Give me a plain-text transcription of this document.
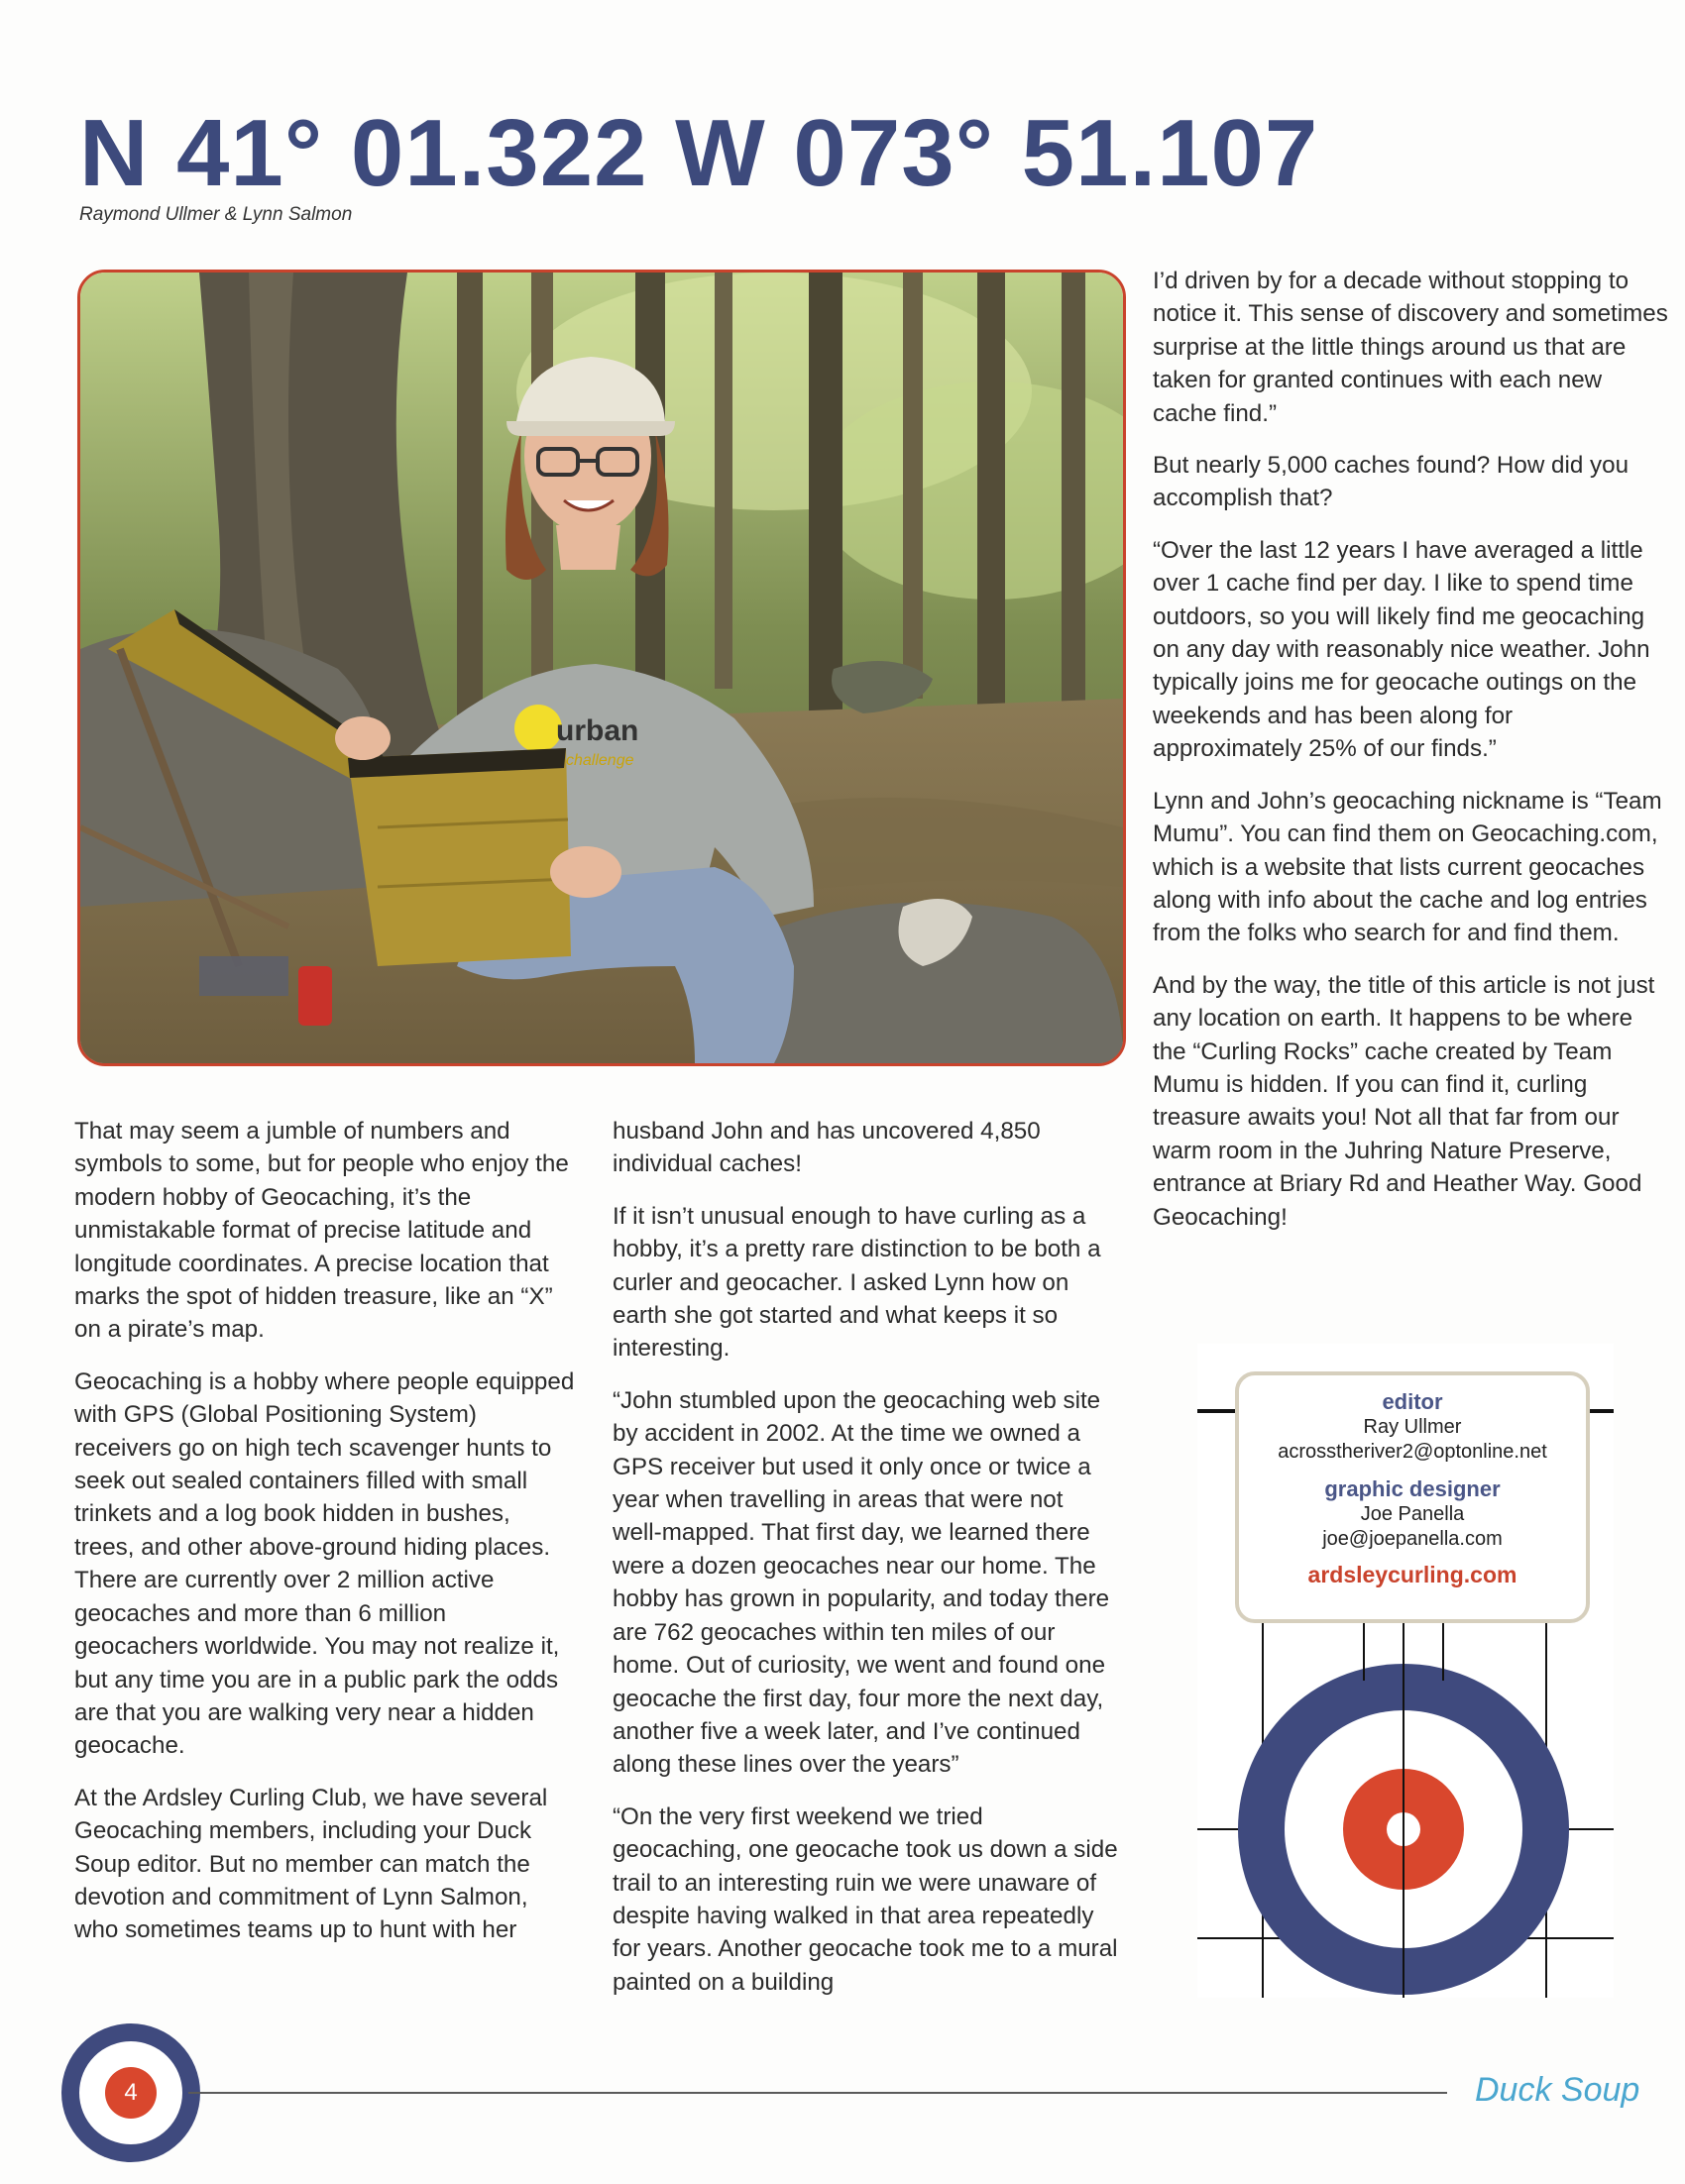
N 41° 01.322 W 073° 51.107
Raymond Ullmer & Lynn Salmon
urban
challenge

That may seem a jumble of numbers and symbols to some, but for people who enjoy the modern hobby of Geocaching, it’s the unmistakable format of precise latitude and longitude coordinates. A precise location that marks the spot of hidden treasure, like an “X” on a pirate’s map.

Geocaching is a hobby where people equipped with GPS (Global Positioning System) receivers go on high tech scavenger hunts to seek out sealed containers filled with small trinkets and a log book hidden in bushes, trees, and other above-ground hiding places. There are currently over 2 million active geocaches and more than 6 million geocachers worldwide. You may not realize it, but any time you are in a public park the odds are that you are walking very near a hidden geocache.

At the Ardsley Curling Club, we have several Geocaching members, including your Duck Soup editor. But no member can match the devotion and commitment of Lynn Salmon, who sometimes teams up to hunt with her

husband John and has uncovered 4,850 individual caches!

If it isn’t unusual enough to have curling as a hobby, it’s a pretty rare distinction to be both a curler and geocacher. I asked Lynn how on earth she got started and what keeps it so interesting.

“John stumbled upon the geocaching web site by accident in 2002. At the time we owned a GPS receiver but used it only once or twice a year when travelling in areas that were not well-mapped. That first day, we learned there were a dozen geocaches near our home. The hobby has grown in popularity, and today there are 762 geocaches within ten miles of our home. Out of curiosity, we went and found one geocache the first day, four more the next day, another five a week later, and I’ve continued along these lines over the years”

“On the very first weekend we tried geocaching, one geocache took us down a side trail to an interesting ruin we were unaware of despite having walked in that area repeatedly for years. Another geocache took me to a mural painted on a building

I’d driven by for a decade without stopping to notice it. This sense of discovery and sometimes surprise at the little things around us that are taken for granted continues with each new cache find.”

But nearly 5,000 caches found? How did you accomplish that?

“Over the last 12 years I have averaged a little over 1 cache find per day. I like to spend time outdoors, so you will likely find me geocaching on any day with reasonably nice weather. John typically joins me for geocache outings on the weekends and has been along for approximately 25% of our finds.”

Lynn and John’s geocaching nickname is “Team Mumu”. You can find them on Geocaching.com, which is a website that lists current geocaches along with info about the cache and log entries from the folks who search for and find them.

And by the way, the title of this article is not just any location on earth. It happens to be where the “Curling Rocks” cache created by Team Mumu is hidden. If you can find it, curling treasure awaits you! Not all that far from our warm room in the Juhring Nature Preserve, entrance at Briary Rd and Heather Way. Good Geocaching!

editor
Ray Ullmer
acrosstheriver2@optonline.net
graphic designer
Joe Panella
joe@joepanella.com
ardsleycurling.com
4	Duck Soup
